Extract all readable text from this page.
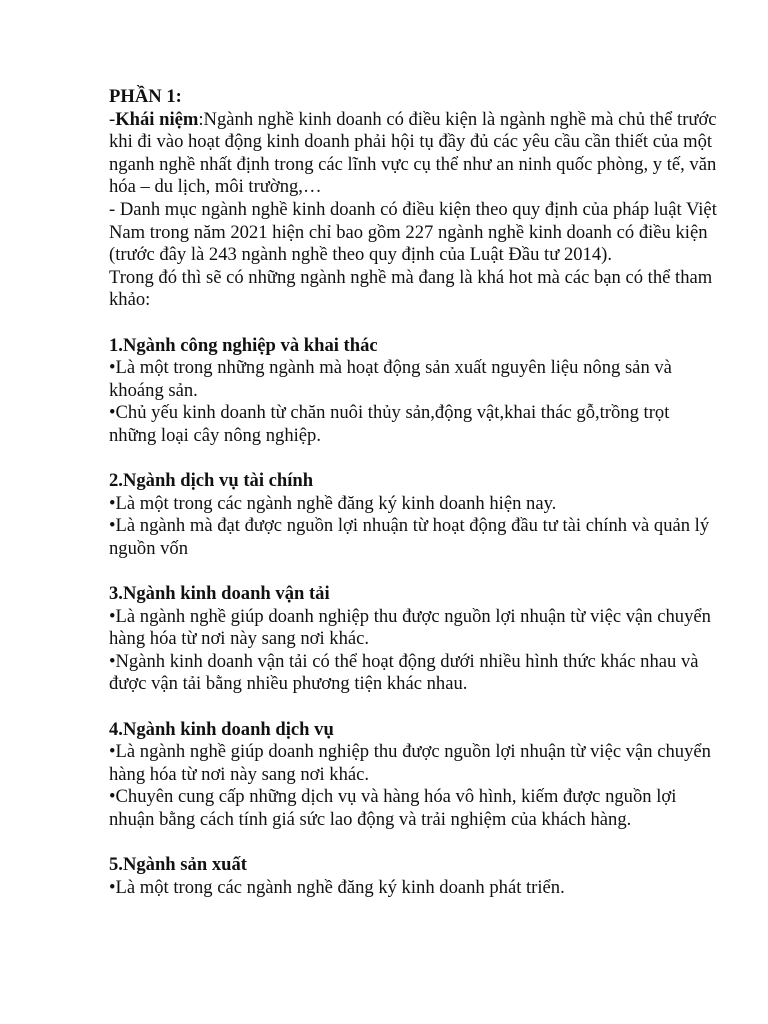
PHẦN 1:

-Khái niệm:Ngành nghề kinh doanh có điều kiện là ngành nghề mà chủ thể trước khi đi vào hoạt động kinh doanh phải hội tụ đầy đủ các yêu cầu cần thiết của một nganh nghề nhất định trong các lĩnh vực cụ thể như an ninh quốc phòng, y tế, văn hóa – du lịch, môi trường,…

- Danh mục ngành nghề kinh doanh có điều kiện theo quy định của pháp luật Việt Nam trong năm 2021 hiện chỉ bao gồm 227 ngành nghề kinh doanh có điều kiện (trước đây là 243 ngành nghề theo quy định của Luật Đầu tư 2014).

Trong đó thì sẽ có những ngành nghề mà đang là khá hot mà các bạn có thể tham khảo:

1.Ngành công nghiệp và khai thác

•Là một trong những ngành mà hoạt động sản xuất nguyên liệu nông sản và khoáng sản.

•Chủ yếu kinh doanh từ chăn nuôi thủy sản,động vật,khai thác gỗ,trồng trọt những loại cây nông nghiệp.

2.Ngành dịch vụ tài chính

•Là một trong các ngành nghề đăng ký kinh doanh hiện nay.

•Là ngành mà đạt được nguồn lợi nhuận từ hoạt động đầu tư tài chính và quản lý nguồn vốn

3.Ngành kinh doanh vận tải

•Là ngành nghề giúp doanh nghiệp thu được nguồn lợi nhuận từ việc vận chuyển hàng hóa từ nơi này sang nơi khác.

•Ngành kinh doanh vận tải có thể hoạt động dưới nhiều hình thức khác nhau và được vận tải bằng nhiều phương tiện khác nhau.

4.Ngành kinh doanh dịch vụ

•Là ngành nghề giúp doanh nghiệp thu được nguồn lợi nhuận từ việc vận chuyển hàng hóa từ nơi này sang nơi khác.

•Chuyên cung cấp những dịch vụ và hàng hóa vô hình, kiếm được nguồn lợi nhuận bằng cách tính giá sức lao động và trải nghiệm của khách hàng.

5.Ngành sản xuất

•Là một trong các ngành nghề đăng ký kinh doanh phát triển.
